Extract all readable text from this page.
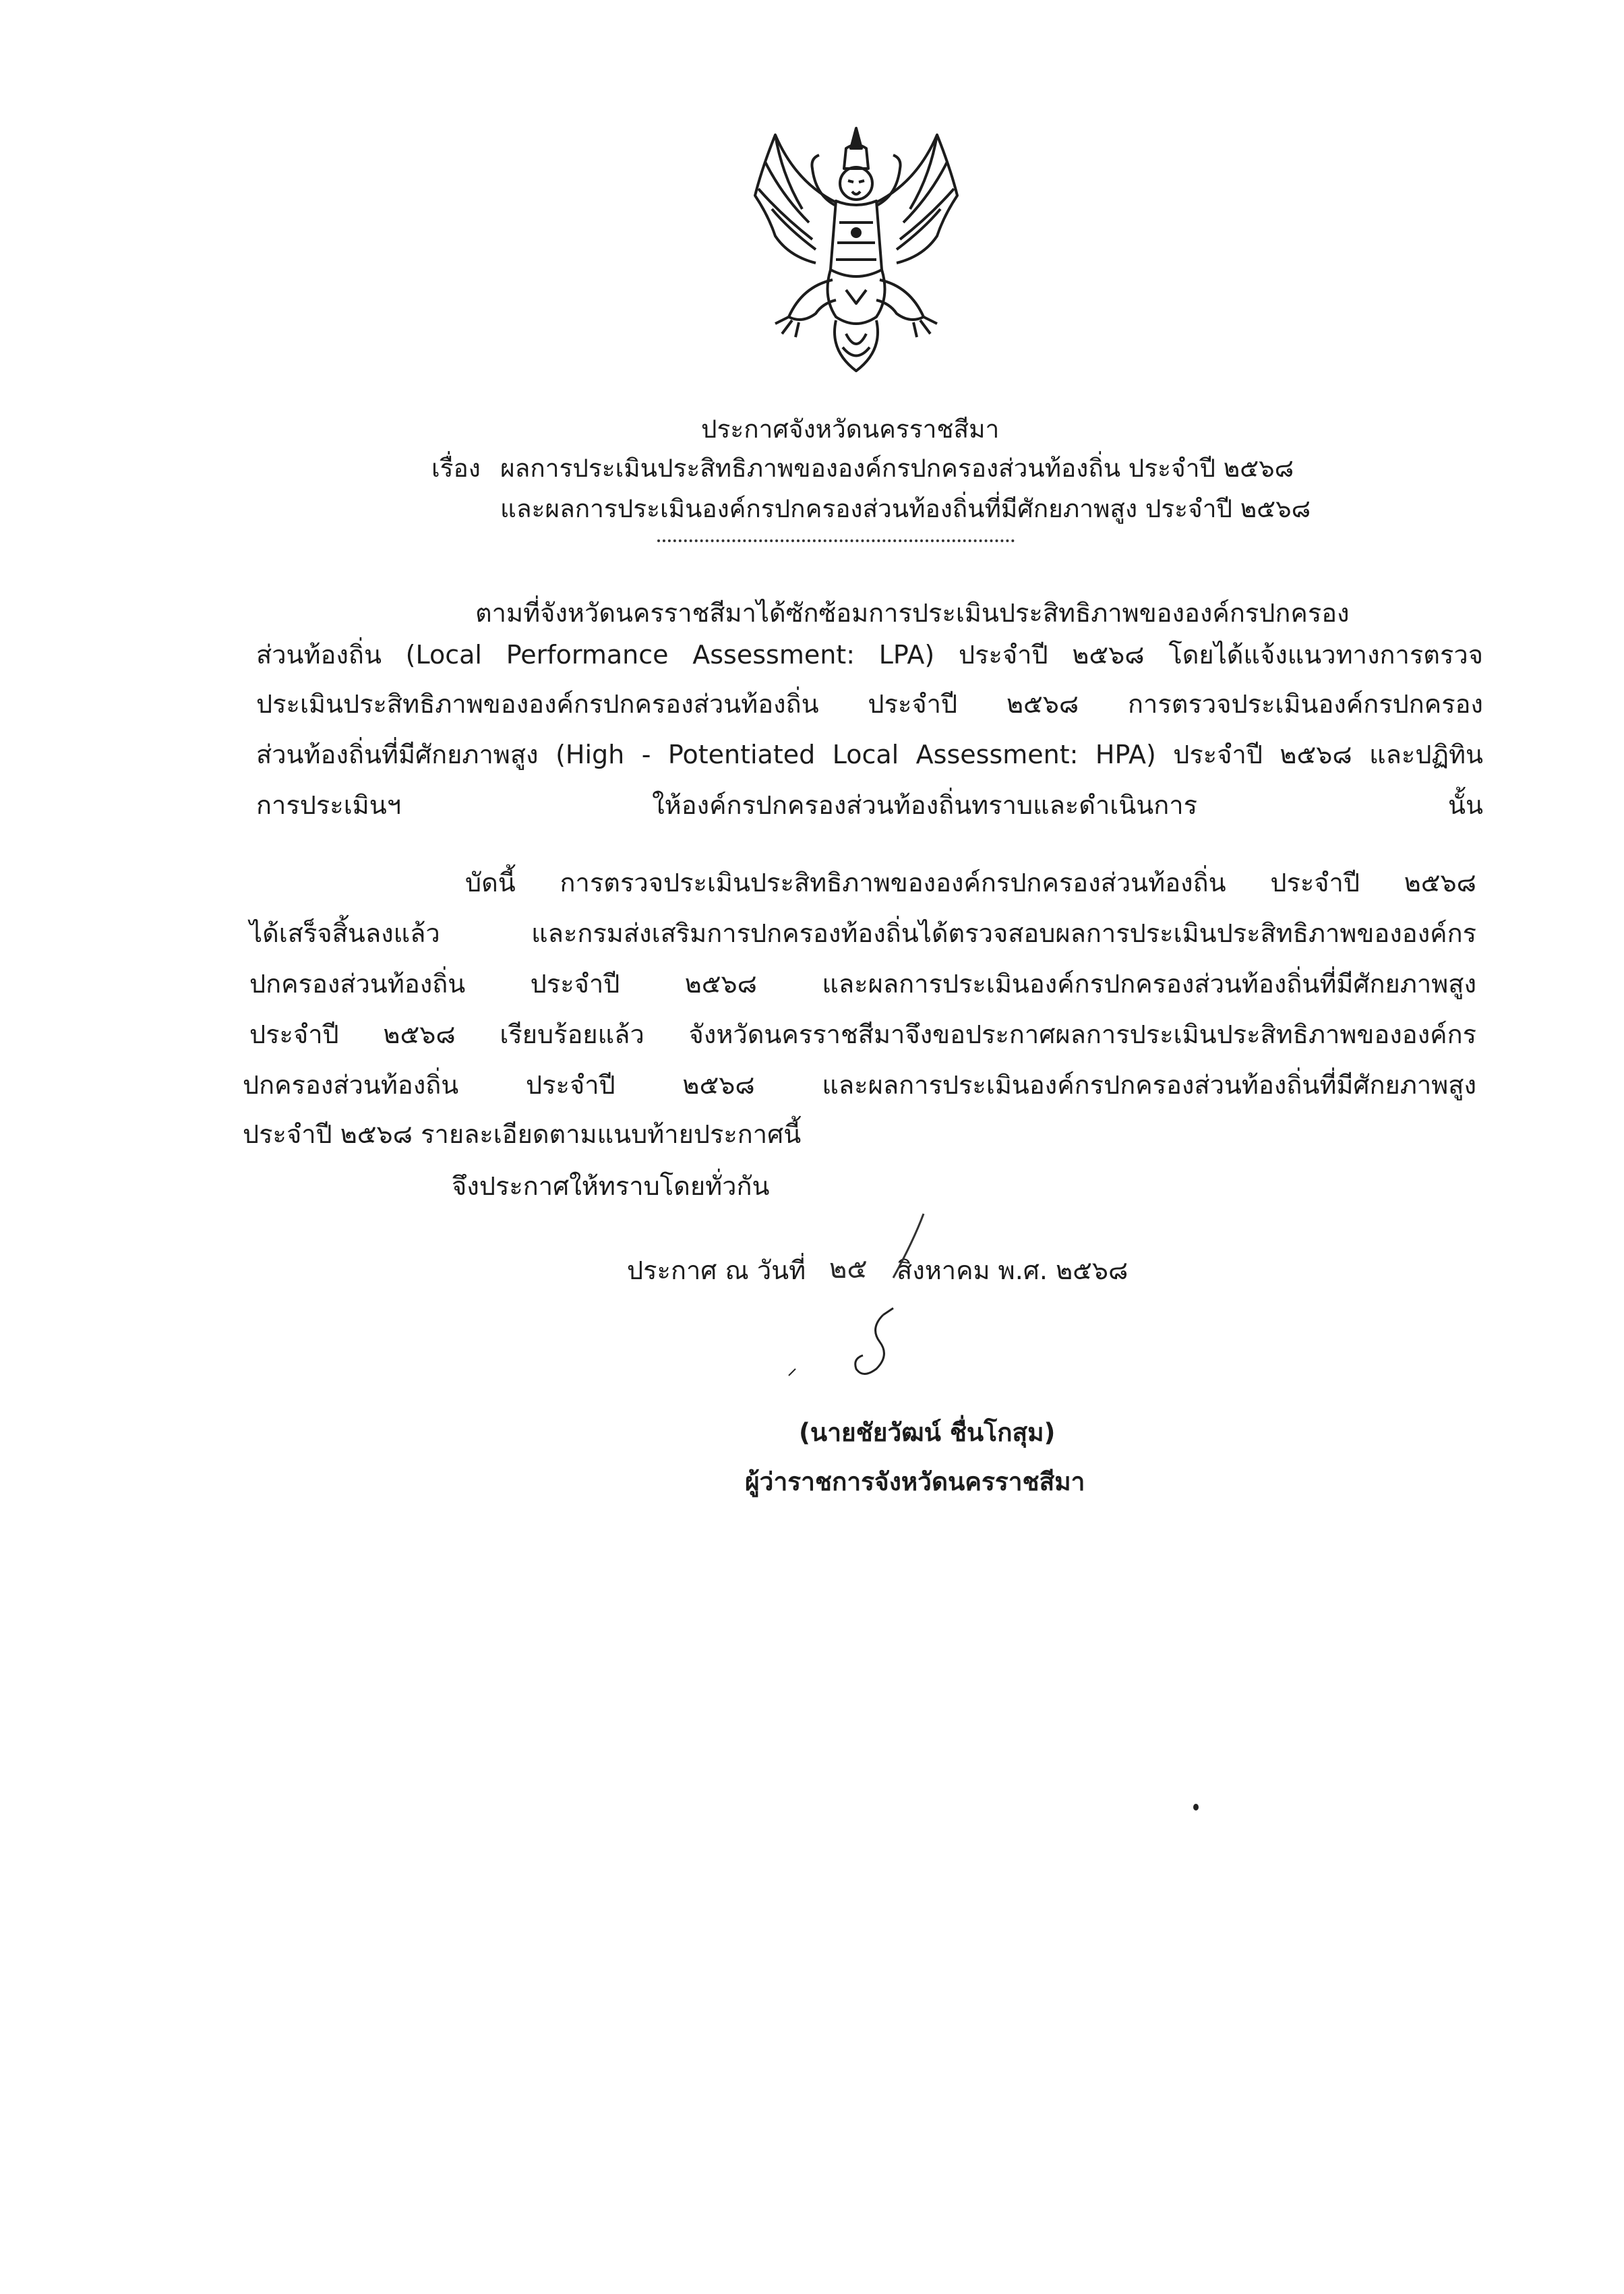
ประกาศจังหวัดนครราชสีมา
เรื่อง ผลการประเมินประสิทธิภาพขององค์กรปกครองส่วนท้องถิ่น ประจำปี ๒๕๖๘
และผลการประเมินองค์กรปกครองส่วนท้องถิ่นที่มีศักยภาพสูง ประจำปี ๒๕๖๘
ตามที่จังหวัดนครราชสีมาได้ซักซ้อมการประเมินประสิทธิภาพขององค์กรปกครอง
ส่วนท้องถิ่น (Local Performance Assessment: LPA) ประจำปี ๒๕๖๘ โดยได้แจ้งแนวทางการตรวจ
ประเมินประสิทธิภาพขององค์กรปกครองส่วนท้องถิ่น ประจำปี ๒๕๖๘ การตรวจประเมินองค์กรปกครอง
ส่วนท้องถิ่นที่มีศักยภาพสูง (High - Potentiated Local Assessment: HPA) ประจำปี ๒๕๖๘ และปฏิทิน
การประเมินฯ ให้องค์กรปกครองส่วนท้องถิ่นทราบและดำเนินการ นั้น
บัดนี้ การตรวจประเมินประสิทธิภาพขององค์กรปกครองส่วนท้องถิ่น ประจำปี ๒๕๖๘
ได้เสร็จสิ้นลงแล้ว และกรมส่งเสริมการปกครองท้องถิ่นได้ตรวจสอบผลการประเมินประสิทธิภาพขององค์กร
ปกครองส่วนท้องถิ่น ประจำปี ๒๕๖๘ และผลการประเมินองค์กรปกครองส่วนท้องถิ่นที่มีศักยภาพสูง
ประจำปี ๒๕๖๘ เรียบร้อยแล้ว จังหวัดนครราชสีมาจึงขอประกาศผลการประเมินประสิทธิภาพขององค์กร
ปกครองส่วนท้องถิ่น ประจำปี ๒๕๖๘ และผลการประเมินองค์กรปกครองส่วนท้องถิ่นที่มีศักยภาพสูง
ประจำปี ๒๕๖๘ รายละเอียดตามแนบท้ายประกาศนี้
จึงประกาศให้ทราบโดยทั่วกัน
ประกาศ ณ วันที่ ๒๕ สิงหาคม พ.ศ. ๒๕๖๘
(นายชัยวัฒน์ ชื่นโกสุม)
ผู้ว่าราชการจังหวัดนครราชสีมา
